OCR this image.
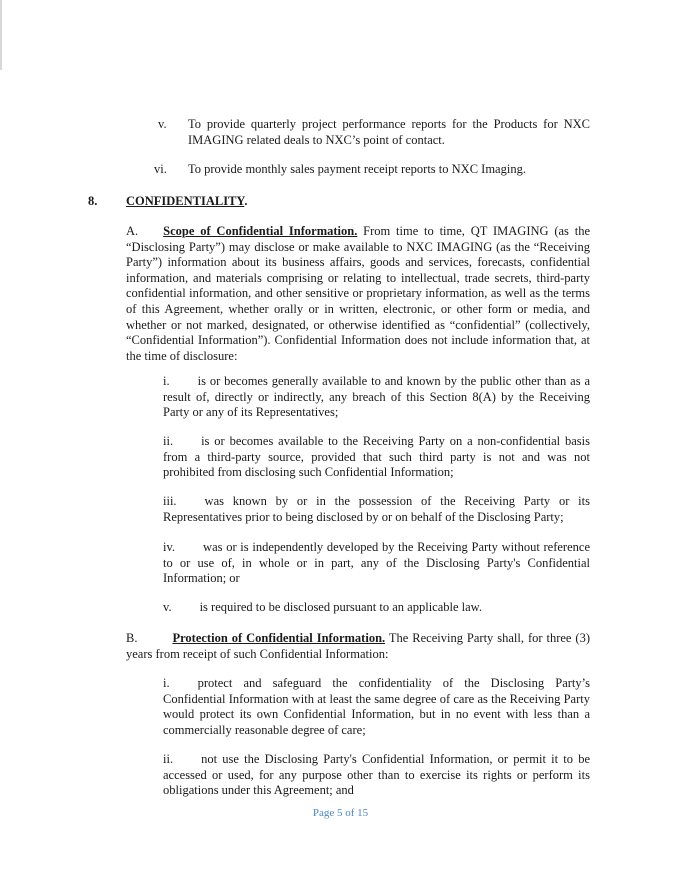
v. To provide quarterly project performance reports for the Products for NXC IMAGING related deals to NXC’s point of contact.
vi. To provide monthly sales payment receipt reports to NXC Imaging.
8. CONFIDENTIALITY.
A. Scope of Confidential Information. From time to time, QT IMAGING (as the “Disclosing Party”) may disclose or make available to NXC IMAGING (as the “Receiving Party”) information about its business affairs, goods and services, forecasts, confidential information, and materials comprising or relating to intellectual, trade secrets, third-party confidential information, and other sensitive or proprietary information, as well as the terms of this Agreement, whether orally or in written, electronic, or other form or media, and whether or not marked, designated, or otherwise identified as “confidential” (collectively, “Confidential Information”). Confidential Information does not include information that, at the time of disclosure:
i. is or becomes generally available to and known by the public other than as a result of, directly or indirectly, any breach of this Section 8(A) by the Receiving Party or any of its Representatives;
ii. is or becomes available to the Receiving Party on a non-confidential basis from a third-party source, provided that such third party is not and was not prohibited from disclosing such Confidential Information;
iii. was known by or in the possession of the Receiving Party or its Representatives prior to being disclosed by or on behalf of the Disclosing Party;
iv. was or is independently developed by the Receiving Party without reference to or use of, in whole or in part, any of the Disclosing Party's Confidential Information; or
v. is required to be disclosed pursuant to an applicable law.
B.	Protection of Confidential Information. The Receiving Party shall, for three (3) years from receipt of such Confidential Information:
i. protect and safeguard the confidentiality of the Disclosing Party’s Confidential Information with at least the same degree of care as the Receiving Party would protect its own Confidential Information, but in no event with less than a commercially reasonable degree of care;
ii. not use the Disclosing Party's Confidential Information, or permit it to be accessed or used, for any purpose other than to exercise its rights or perform its obligations under this Agreement; and
Page 5 of 15
